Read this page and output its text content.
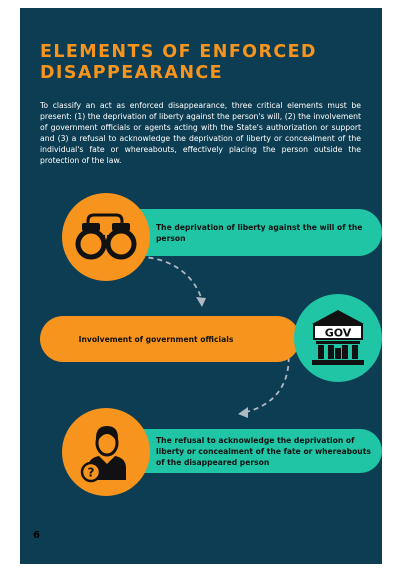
ELEMENTS OF ENFORCED
DISAPPEARANCE

To classify an act as enforced disappearance, three critical elements must be present: (1) the deprivation of liberty against the person's will, (2) the involvement of government officials or agents acting with the State's authorization or support and (3) a refusal to acknowledge the deprivation of liberty or concealment of the individual's fate or whereabouts, effectively placing the person outside the protection of the law.

The deprivation of liberty against the will of the person
Involvement of government officials	GOV
The refusal to acknowledge the deprivation of liberty or concealment of the fate or whereabouts of the disappeared person
?
6
